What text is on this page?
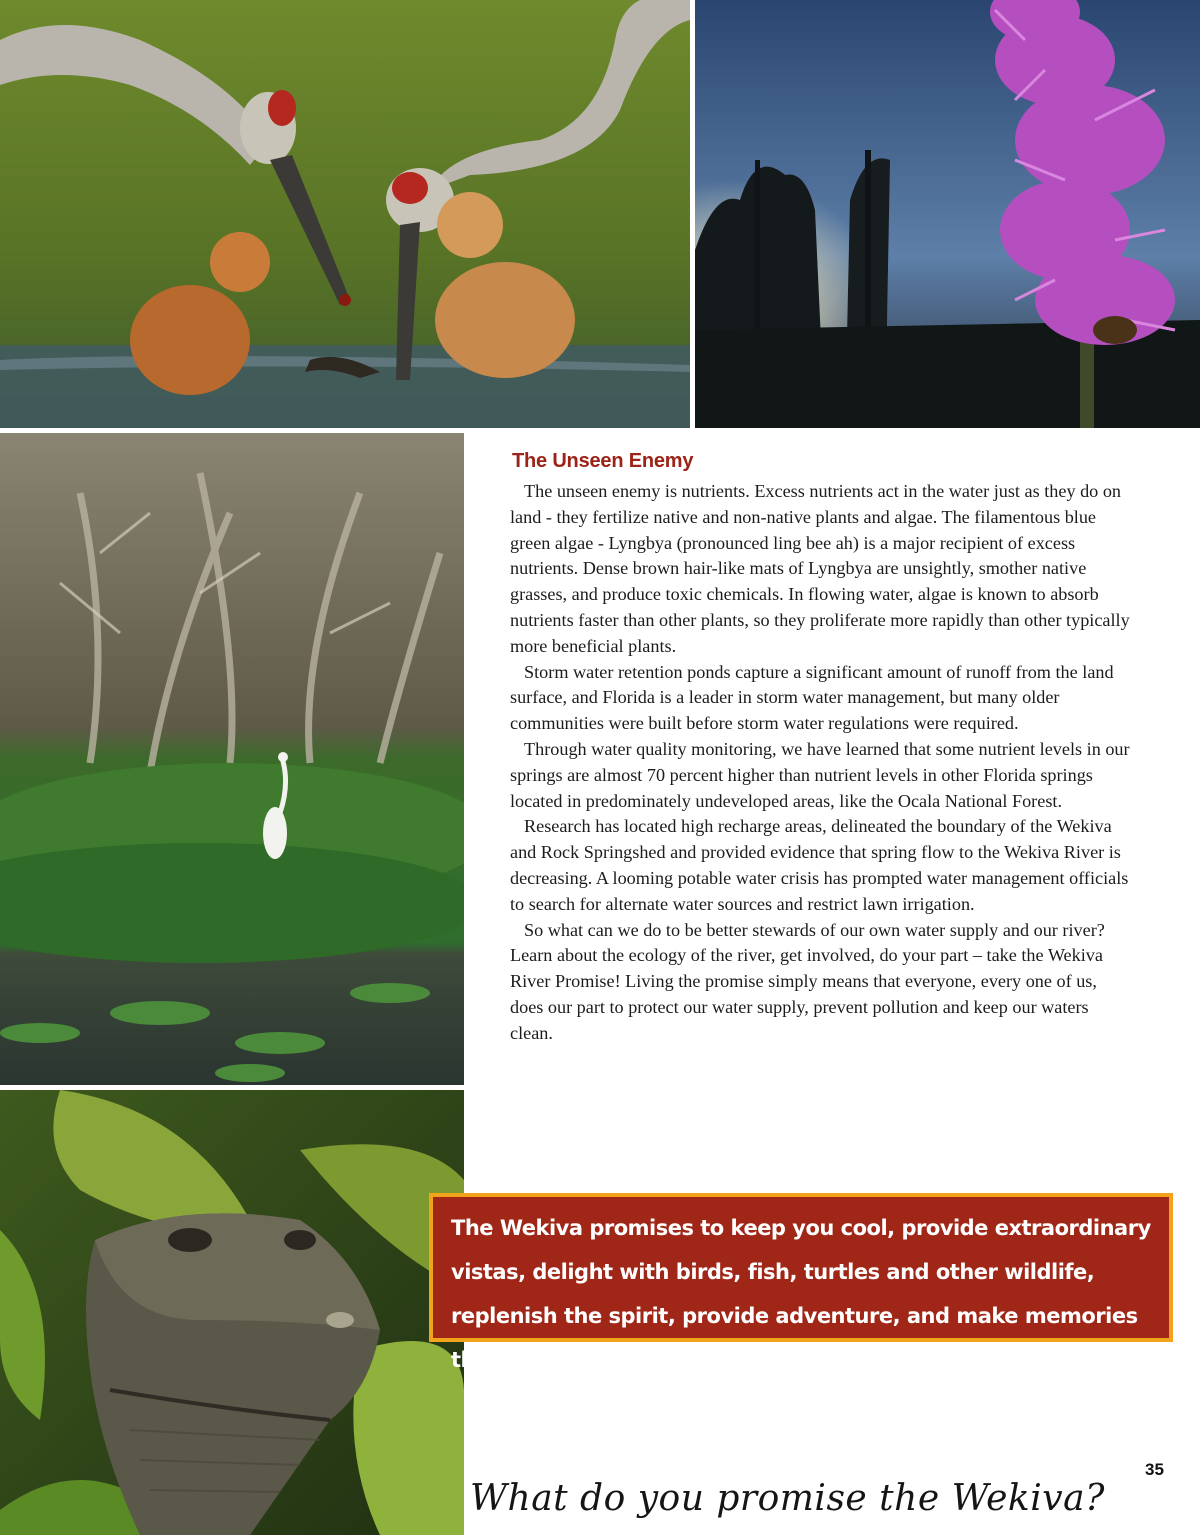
The Unseen Enemy

The unseen enemy is nutrients. Excess nutrients act in the water just as they do on land - they fertilize native and non-native plants and algae. The filamentous blue green algae - Lyngbya (pronounced ling bee ah) is a major recipient of excess nutrients. Dense brown hair-like mats of Lyngbya are unsightly, smother native grasses, and produce toxic chemicals. In flowing water, algae is known to absorb nutrients faster than other plants, so they proliferate more rapidly than other typically more beneficial plants.

Storm water retention ponds capture a significant amount of runoff from the land surface, and Florida is a leader in storm water management, but many older communities were built before storm water regulations were required.

Through water quality monitoring, we have learned that some nutrient levels in our springs are almost 70 percent higher than nutrient levels in other Florida springs located in predominately undeveloped areas, like the Ocala National Forest.

Research has located high recharge areas, delineated the boundary of the Wekiva and Rock Springshed and provided evidence that spring flow to the Wekiva River is decreasing. A looming potable water crisis has prompted water management officials to search for alternate water sources and restrict lawn irrigation.

So what can we do to be better stewards of our own water supply and our river? Learn about the ecology of the river, get involved, do your part – take the Wekiva River Promise! Living the promise simply means that everyone, every one of us, does our part to protect our water supply, prevent pollution and keep our waters clean.

The Wekiva promises to keep you cool, provide extraordinary vistas, delight with birds, fish, turtles and other wildlife, replenish the spirit, provide adventure, and make memories that will last for generations.

What do you promise the Wekiva?
35
